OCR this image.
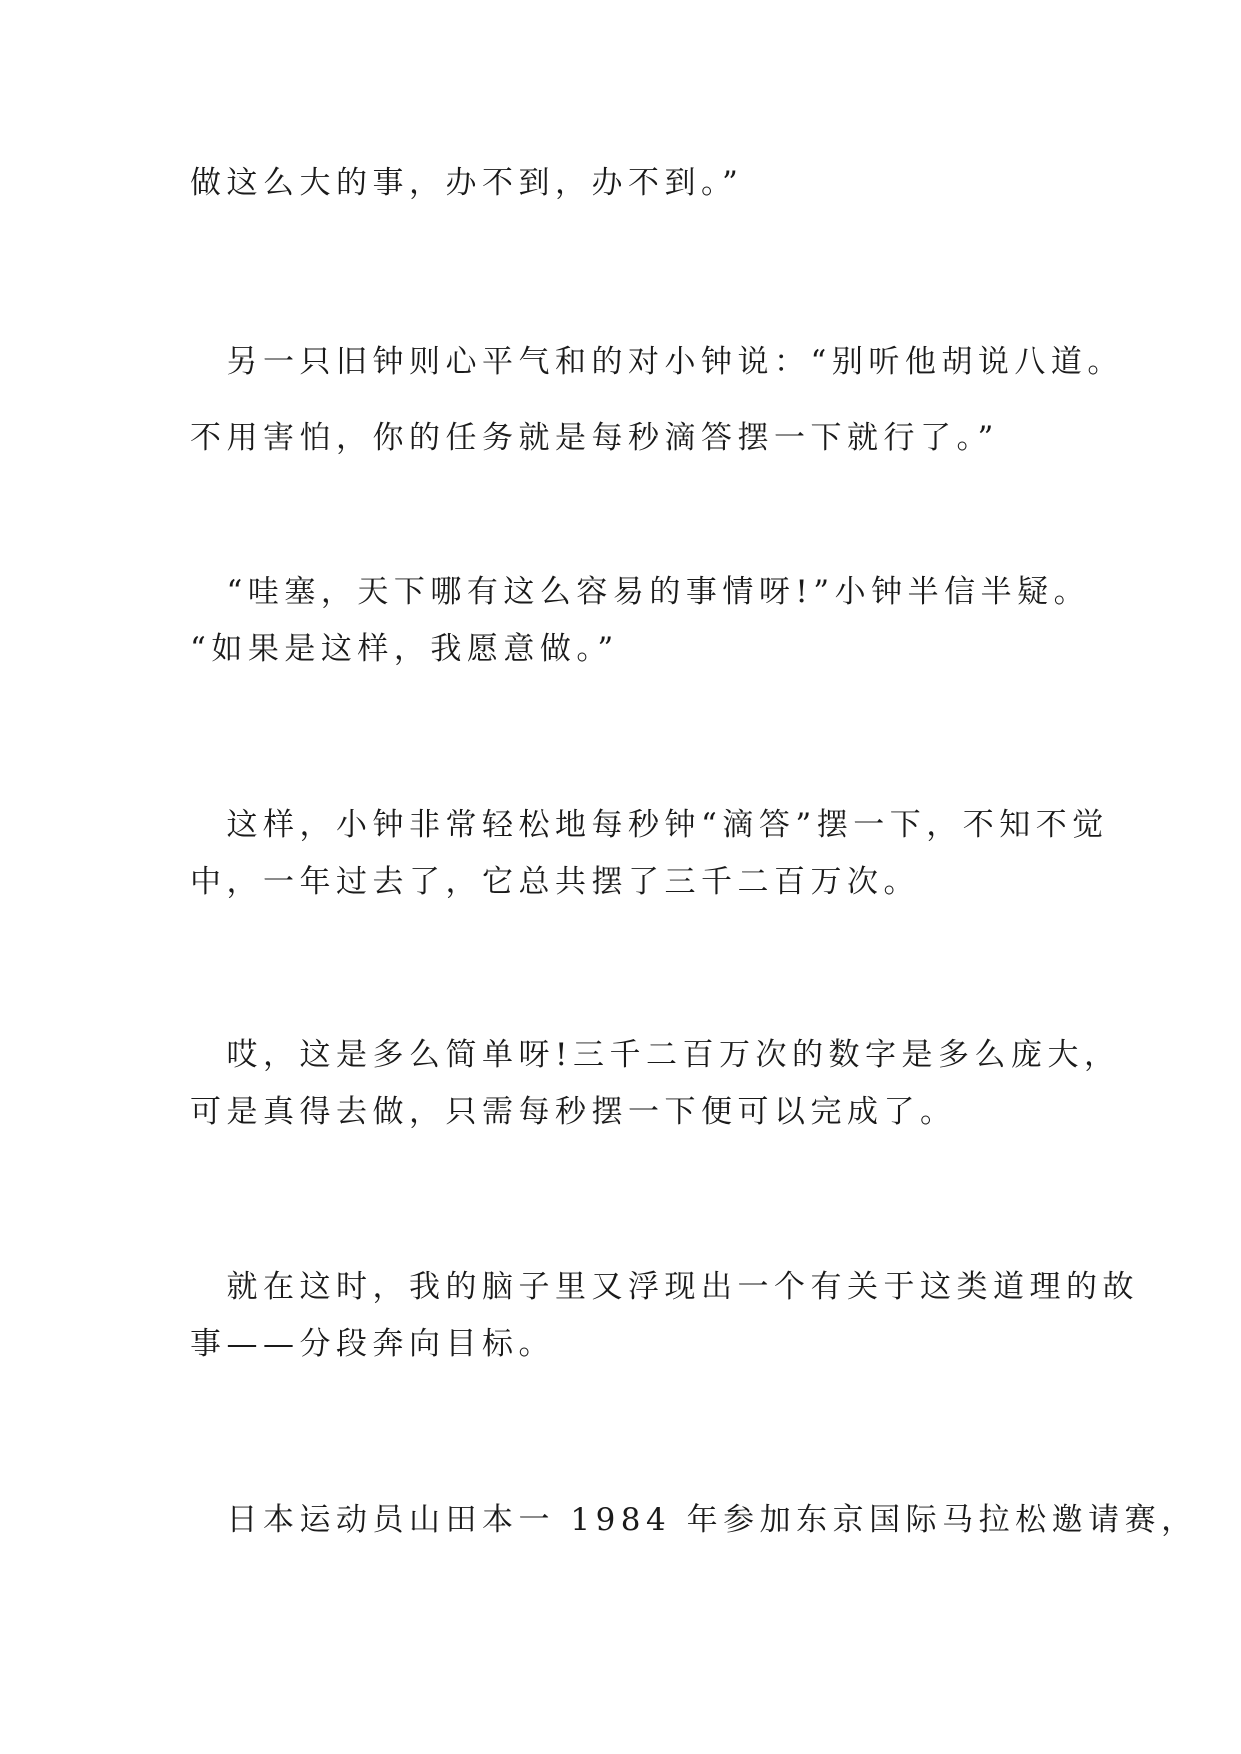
做这么大的事，办不到，办不到。”
　另一只旧钟则心平气和的对小钟说：“别听他胡说八道。
不用害怕，你的任务就是每秒滴答摆一下就行了。”
　“哇塞，天下哪有这么容易的事情呀!”小钟半信半疑。
“如果是这样，我愿意做。”
　这样，小钟非常轻松地每秒钟“滴答”摆一下，不知不觉
中，一年过去了，它总共摆了三千二百万次。
　哎，这是多么简单呀!三千二百万次的数字是多么庞大，
可是真得去做，只需每秒摆一下便可以完成了。
　就在这时，我的脑子里又浮现出一个有关于这类道理的故
事——分段奔向目标。
　日本运动员山田本一 1984 年参加东京国际马拉松邀请赛，
